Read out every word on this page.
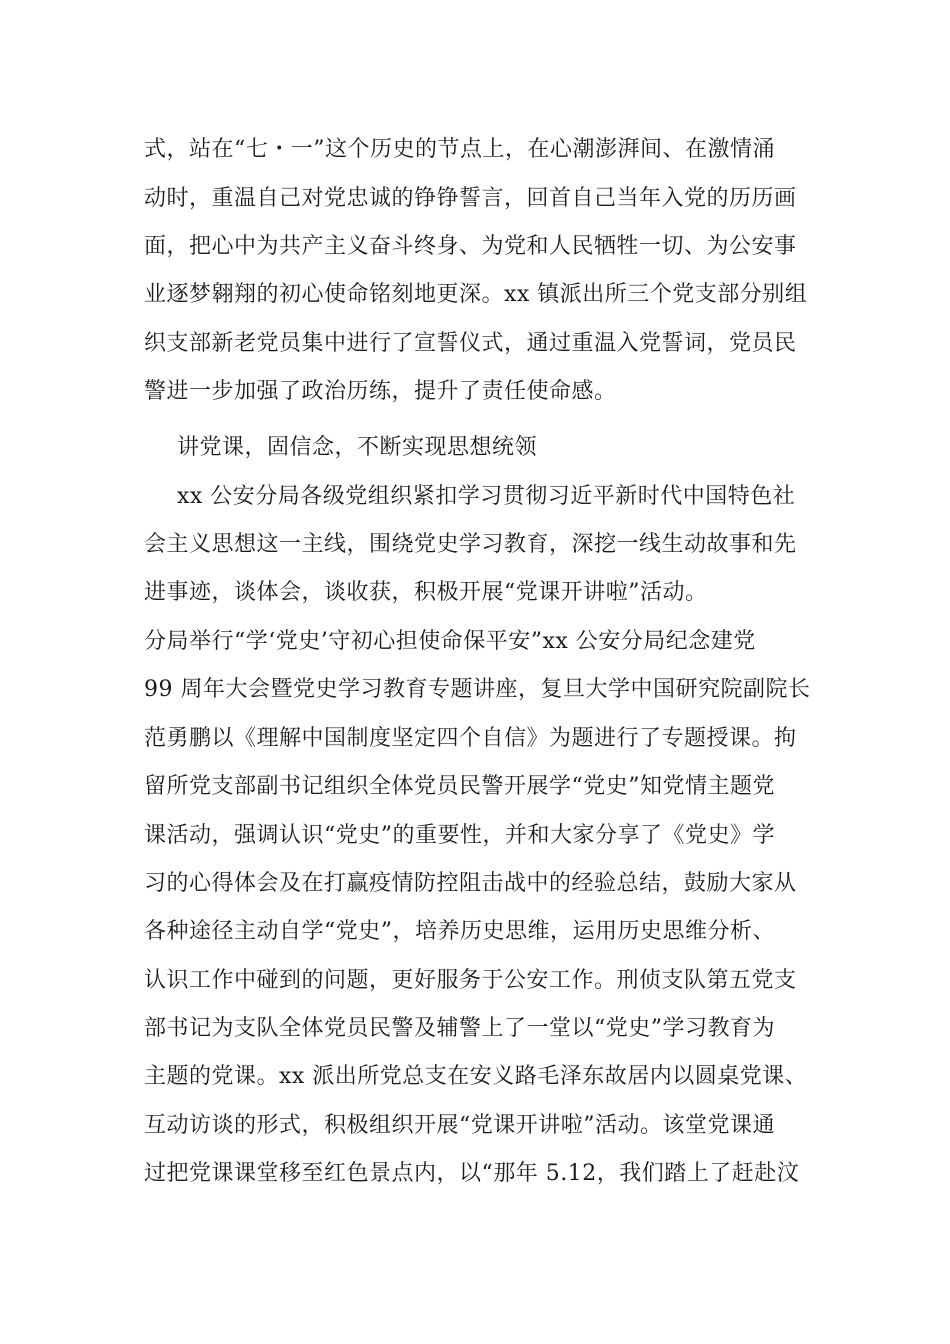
式，站在“七・一”这个历史的节点上，在心潮澎湃间、在激情涌
动时，重温自己对党忠诚的铮铮誓言，回首自己当年入党的历历画
面，把心中为共产主义奋斗终身、为党和人民牺牲一切、为公安事
业逐梦翱翔的初心使命铭刻地更深。xx 镇派出所三个党支部分别组
织支部新老党员集中进行了宣誓仪式，通过重温入党誓词，党员民
警进一步加强了政治历练，提升了责任使命感。
讲党课，固信念，不断实现思想统领
xx 公安分局各级党组织紧扣学习贯彻习近平新时代中国特色社
会主义思想这一主线，围绕党史学习教育，深挖一线生动故事和先
进事迹，谈体会，谈收获，积极开展“党课开讲啦”活动。
分局举行“学‘党史’守初心担使命保平安”xx 公安分局纪念建党
99 周年大会暨党史学习教育专题讲座，复旦大学中国研究院副院长
范勇鹏以《理解中国制度坚定四个自信》为题进行了专题授课。拘
留所党支部副书记组织全体党员民警开展学“党史”知党情主题党
课活动，强调认识“党史”的重要性，并和大家分享了《党史》学
习的心得体会及在打赢疫情防控阻击战中的经验总结，鼓励大家从
各种途径主动自学“党史”，培养历史思维，运用历史思维分析、
认识工作中碰到的问题，更好服务于公安工作。刑侦支队第五党支
部书记为支队全体党员民警及辅警上了一堂以“党史”学习教育为
主题的党课。xx 派出所党总支在安义路毛泽东故居内以圆桌党课、
互动访谈的形式，积极组织开展“党课开讲啦”活动。该堂党课通
过把党课课堂移至红色景点内，以“那年 5.12，我们踏上了赶赴汶
